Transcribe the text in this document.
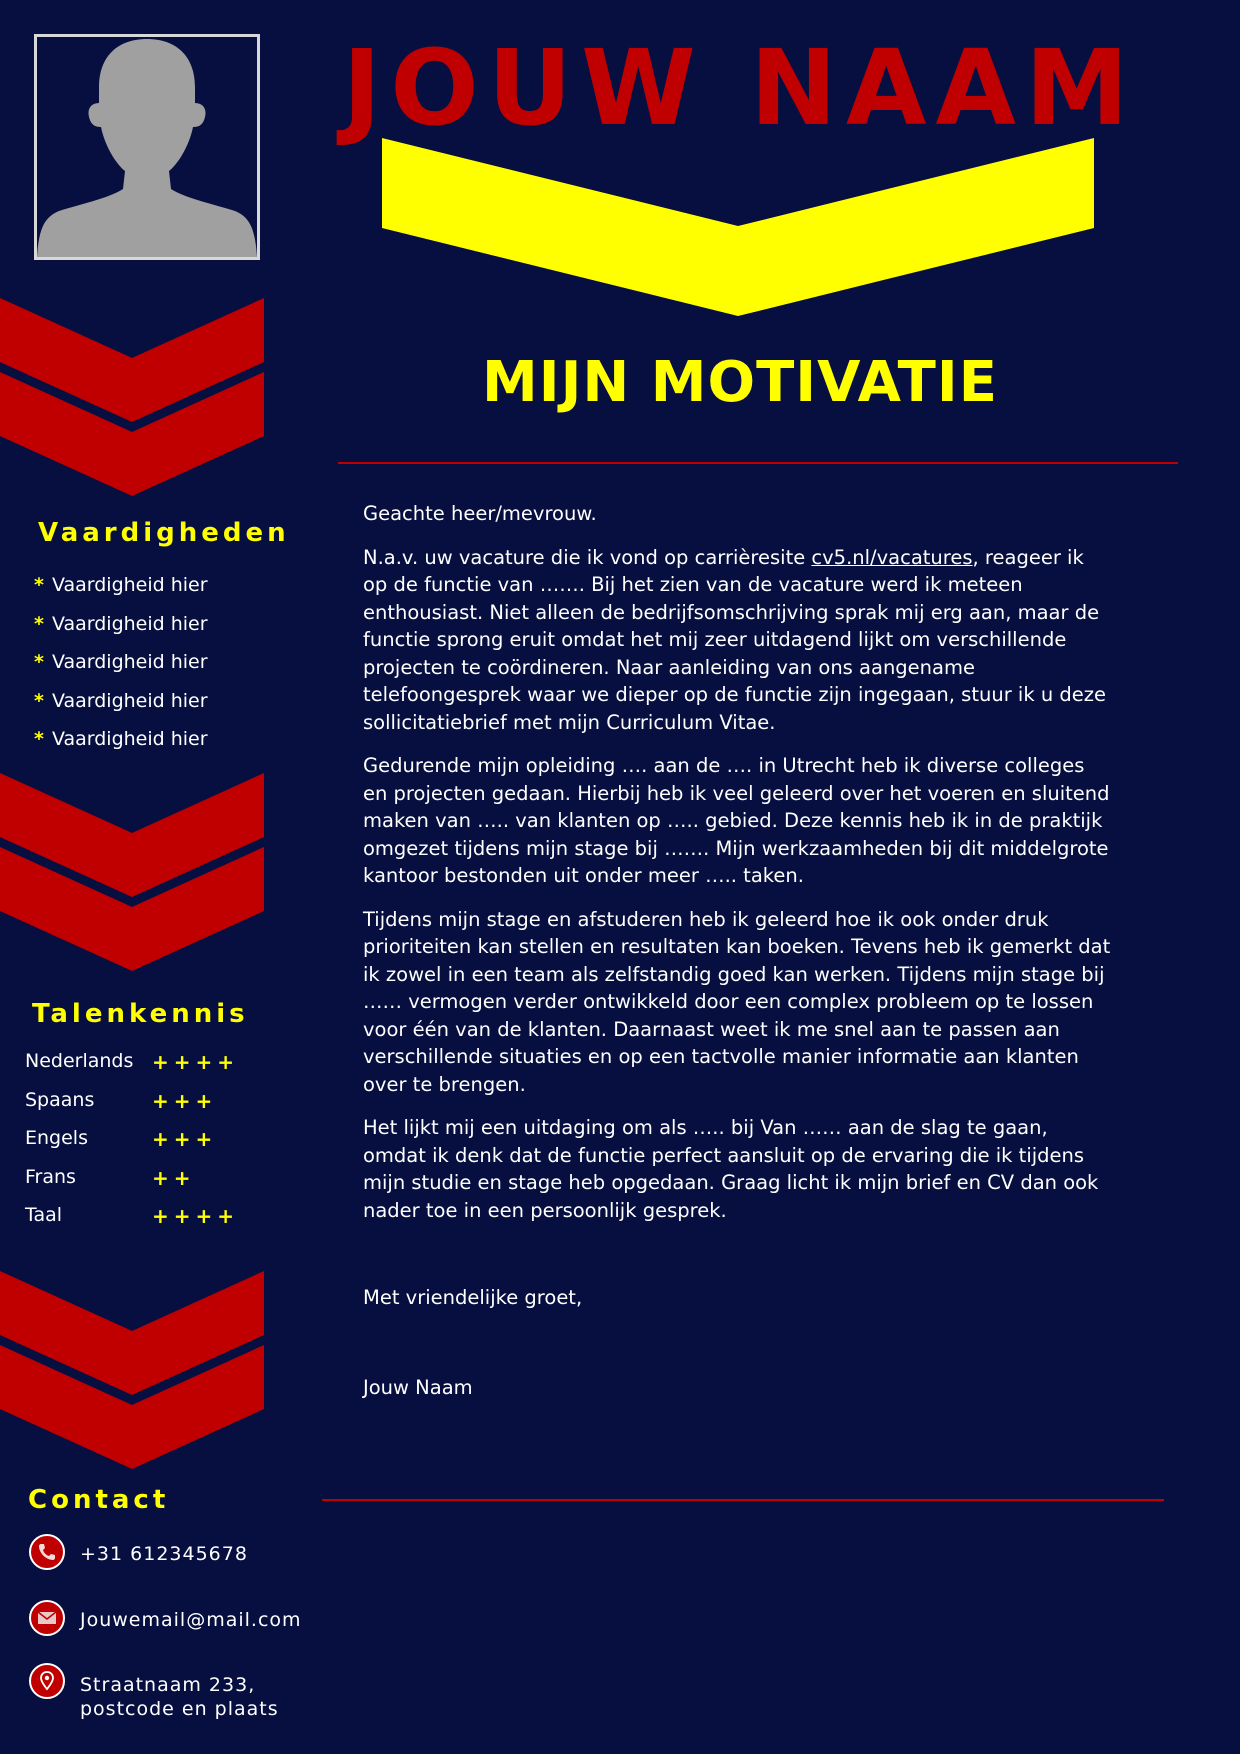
Vaardigheden
* Vaardigheid hier
* Vaardigheid hier
* Vaardigheid hier
* Vaardigheid hier
* Vaardigheid hier
Talenkennis
Nederlands ++++
Spaans	+++
Engels	+++
Frans	++
Taal	++++
Contact
+31 612345678
Jouwemail@mail.com
Straatnaam 233,
postcode en plaats
JOUW NAAM
MIJN MOTIVATIE

Geachte heer/mevrouw.

N.a.v. uw vacature die ik vond op carrièresite cv5.nl/vacatures, reageer ik op de functie van ……. Bij het zien van de vacature werd ik meteen enthousiast. Niet alleen de bedrijfsomschrijving sprak mij erg aan, maar de functie sprong eruit omdat het mij zeer uitdagend lijkt om verschillende projecten te coördineren. Naar aanleiding van ons aangename telefoongesprek waar we dieper op de functie zijn ingegaan, stuur ik u deze sollicitatiebrief met mijn Curriculum Vitae.

Gedurende mijn opleiding …. aan de …. in Utrecht heb ik diverse colleges en projecten gedaan. Hierbij heb ik veel geleerd over het voeren en sluitend maken van ….. van klanten op ….. gebied. Deze kennis heb ik in de praktijk omgezet tijdens mijn stage bij ……. Mijn werkzaamheden bij dit middelgrote kantoor bestonden uit onder meer ….. taken.

Tijdens mijn stage en afstuderen heb ik geleerd hoe ik ook onder druk prioriteiten kan stellen en resultaten kan boeken. Tevens heb ik gemerkt dat ik zowel in een team als zelfstandig goed kan werken. Tijdens mijn stage bij …… vermogen verder ontwikkeld door een complex probleem op te lossen voor één van de klanten. Daarnaast weet ik me snel aan te passen aan verschillende situaties en op een tactvolle manier informatie aan klanten over te brengen.

Het lijkt mij een uitdaging om als ….. bij Van …… aan de slag te gaan, omdat ik denk dat de functie perfect aansluit op de ervaring die ik tijdens mijn studie en stage heb opgedaan. Graag licht ik mijn brief en CV dan ook nader toe in een persoonlijk gesprek.

Met vriendelijke groet,

Jouw Naam
